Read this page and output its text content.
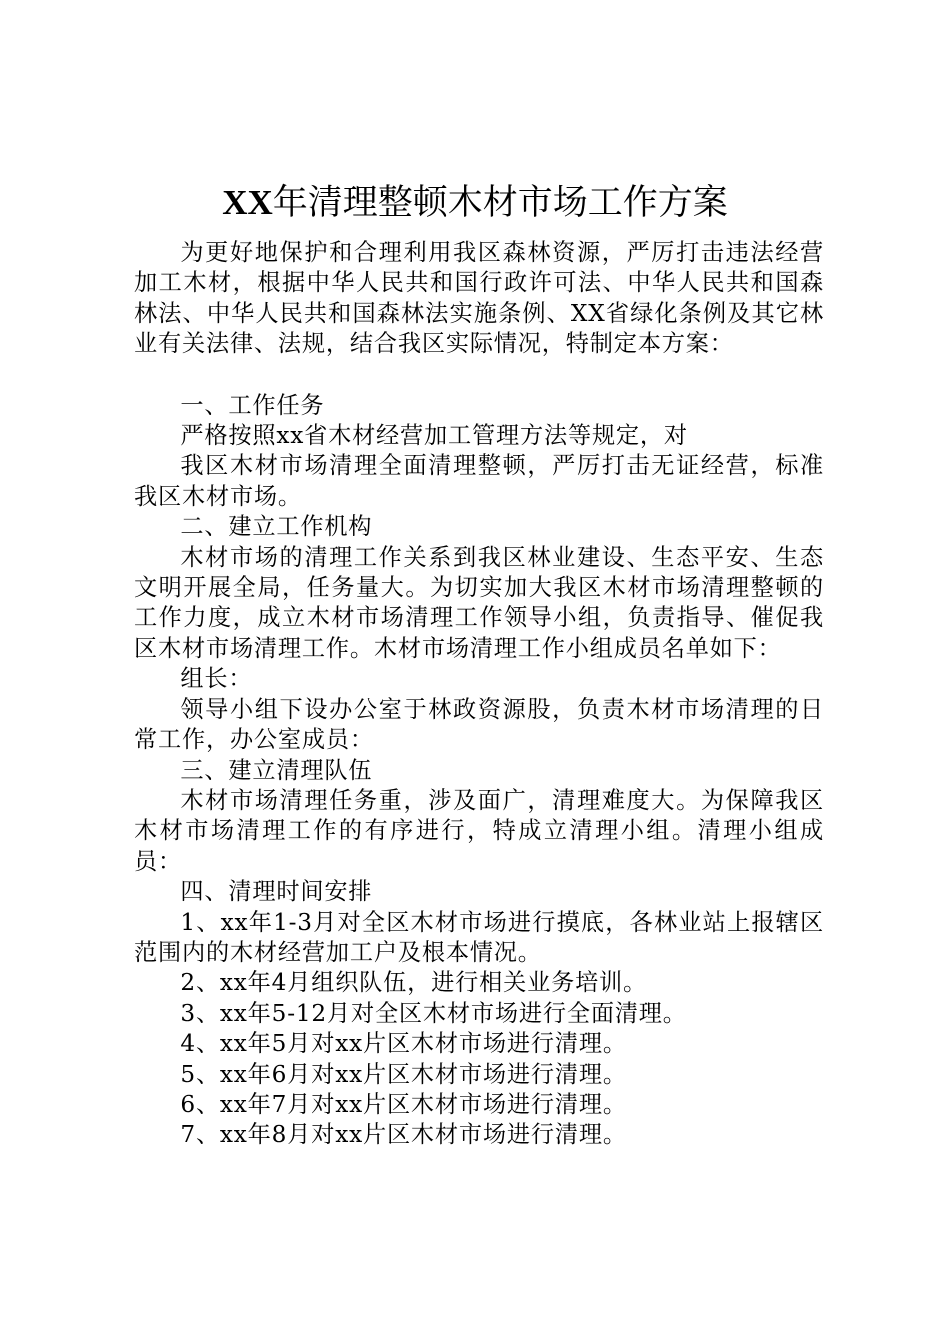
XX年清理整顿木材市场工作方案

为更好地保护和合理利用我区森林资源，严厉打击违法经营加工木材，根据中华人民共和国行政许可法、中华人民共和国森林法、中华人民共和国森林法实施条例、XX省绿化条例及其它林业有关法律、法规，结合我区实际情况，特制定本方案：

一、工作任务

严格按照xx省木材经营加工管理方法等规定，对

我区木材市场清理全面清理整顿，严厉打击无证经营，标准我区木材市场。

二、建立工作机构

木材市场的清理工作关系到我区林业建设、生态平安、生态文明开展全局，任务量大。为切实加大我区木材市场清理整顿的工作力度，成立木材市场清理工作领导小组，负责指导、催促我区木材市场清理工作。木材市场清理工作小组成员名单如下：

组长：

领导小组下设办公室于林政资源股，负责木材市场清理的日常工作，办公室成员：

三、建立清理队伍

木材市场清理任务重，涉及面广，清理难度大。为保障我区木材市场清理工作的有序进行，特成立清理小组。清理小组成员：

四、清理时间安排

1、xx年1-3月对全区木材市场进行摸底，各林业站上报辖区范围内的木材经营加工户及根本情况。

2、xx年4月组织队伍，进行相关业务培训。

3、xx年5-12月对全区木材市场进行全面清理。

4、xx年5月对xx片区木材市场进行清理。

5、xx年6月对xx片区木材市场进行清理。

6、xx年7月对xx片区木材市场进行清理。

7、xx年8月对xx片区木材市场进行清理。
